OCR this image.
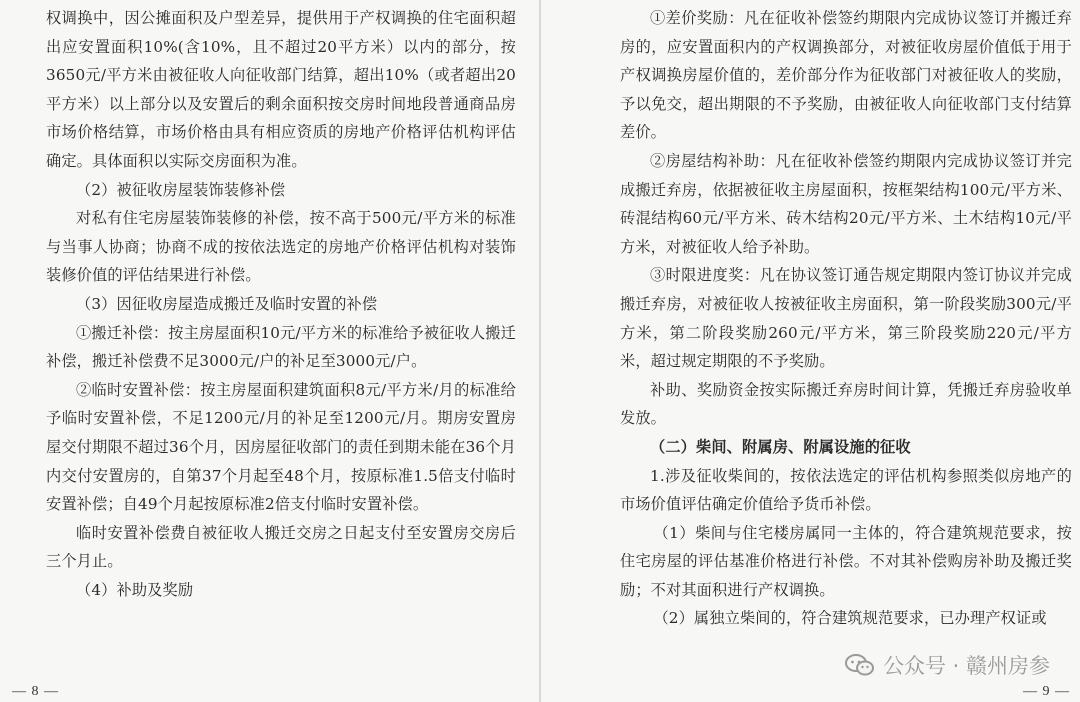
权调换中，因公摊面积及户型差异，提供用于产权调换的住宅面积超出应安置面积10%(含10%，且不超过20平方米）以内的部分，按3650元/平方米由被征收人向征收部门结算，超出10%（或者超出20平方米）以上部分以及安置后的剩余面积按交房时间地段普通商品房市场价格结算，市场价格由具有相应资质的房地产价格评估机构评估确定。具体面积以实际交房面积为准。

（2）被征收房屋装饰装修补偿

对私有住宅房屋装饰装修的补偿，按不高于500元/平方米的标准与当事人协商；协商不成的按依法选定的房地产价格评估机构对装饰装修价值的评估结果进行补偿。

（3）因征收房屋造成搬迁及临时安置的补偿

①搬迁补偿：按主房屋面积10元/平方米的标准给予被征收人搬迁补偿，搬迁补偿费不足3000元/户的补足至3000元/户。

②临时安置补偿：按主房屋面积建筑面积8元/平方米/月的标准给予临时安置补偿，不足1200元/月的补足至1200元/月。期房安置房屋交付期限不超过36个月，因房屋征收部门的责任到期未能在36个月内交付安置房的，自第37个月起至48个月，按原标准1.5倍支付临时安置补偿；自49个月起按原标准2倍支付临时安置补偿。

临时安置补偿费自被征收人搬迁交房之日起支付至安置房交房后三个月止。

（4）补助及奖励

— 8 —

①差价奖励：凡在征收补偿签约期限内完成协议签订并搬迁弃房的，应安置面积内的产权调换部分，对被征收房屋价值低于用于产权调换房屋价值的，差价部分作为征收部门对被征收人的奖励，予以免交，超出期限的不予奖励，由被征收人向征收部门支付结算差价。

②房屋结构补助：凡在征收补偿签约期限内完成协议签订并完成搬迁弃房，依据被征收主房屋面积，按框架结构100元/平方米、砖混结构60元/平方米、砖木结构20元/平方米、土木结构10元/平方米，对被征收人给予补助。

③时限进度奖：凡在协议签订通告规定期限内签订协议并完成搬迁弃房，对被征收人按被征收主房面积，第一阶段奖励300元/平方米，第二阶段奖励260元/平方米，第三阶段奖励220元/平方米，超过规定期限的不予奖励。

补助、奖励资金按实际搬迁弃房时间计算，凭搬迁弃房验收单发放。

（二）柴间、附属房、附属设施的征收

1.涉及征收柴间的，按依法选定的评估机构参照类似房地产的市场价值评估确定价值给予货币补偿。

（1）柴间与住宅楼房属同一主体的，符合建筑规范要求，按住宅房屋的评估基准价格进行补偿。不对其补偿购房补助及搬迁奖励；不对其面积进行产权调换。

（2）属独立柴间的，符合建筑规范要求，已办理产权证或

— 9 —
公众号 · 赣州房参
